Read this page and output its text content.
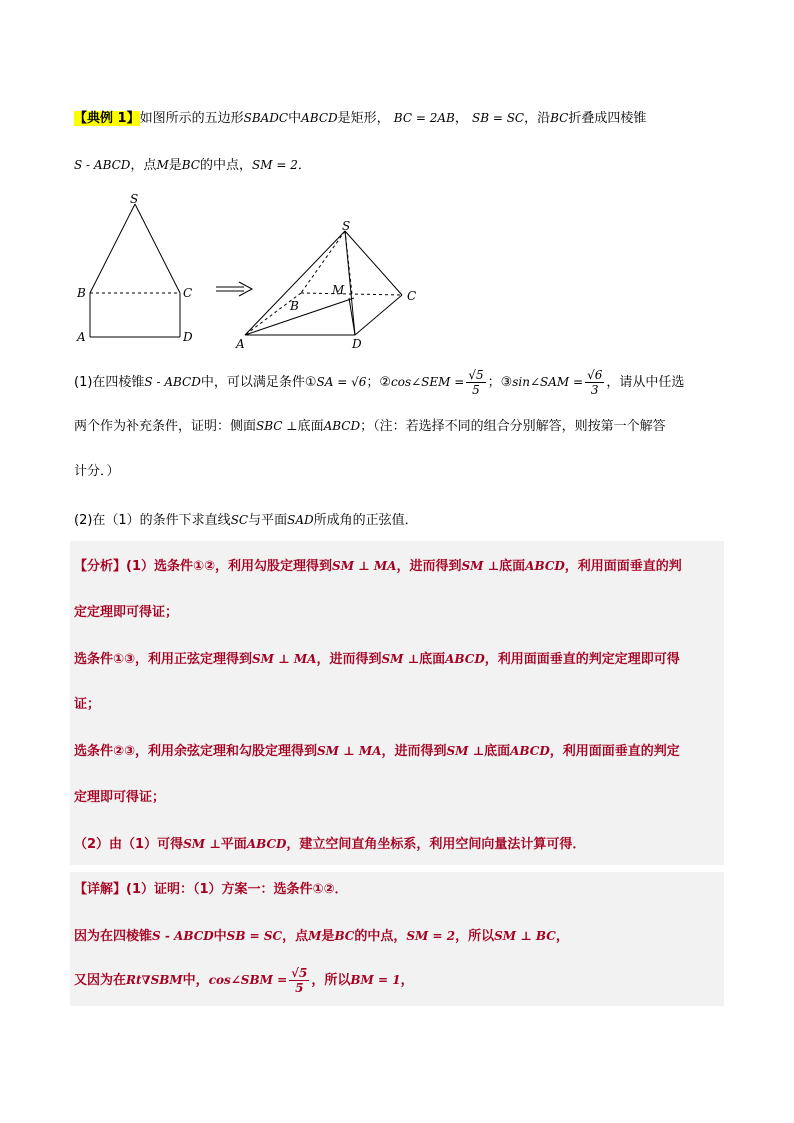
【典例 1】如图所示的五边形SBADC中ABCD是矩形， BC = 2AB， SB = SC，沿BC折叠成四棱锥
S - ABCD，点M是BC的中点，SM = 2．
S
B	C
A	D
S
M	C
B
A	D
(1)在四棱锥S - ABCD中，可以满足条件①SA = √6；②cos∠SEM = $\frac{√5}{5}$ ；③sin∠SAM = $\frac{√6}{3}$ ，请从中任选
两个作为补充条件，证明：侧面SBC ⊥底面ABCD；（注：若选择不同的组合分别解答，则按第一个解答
计分．）
(2)在（1）的条件下求直线SC与平面SAD所成角的正弦值．
【分析】(1）选条件①②，利用勾股定理得到SM ⊥ MA，进而得到SM ⊥底面ABCD，利用面面垂直的判
定定理即可得证；
选条件①③，利用正弦定理得到SM ⊥ MA，进而得到SM ⊥底面ABCD，利用面面垂直的判定定理即可得
证；
选条件②③，利用余弦定理和勾股定理得到SM ⊥ MA，进而得到SM ⊥底面ABCD，利用面面垂直的判定
定理即可得证；
（2）由（1）可得SM ⊥平面ABCD，建立空间直角坐标系，利用空间向量法计算可得．
【详解】(1）证明：（1）方案一：选条件①②．
因为在四棱锥S - ABCD中SB = SC，点M是BC的中点，SM = 2，所以SM ⊥ BC，
又因为在Rt∇SBM中，cos∠SBM = $\frac{√5}{5}$ ，所以BM = 1，
